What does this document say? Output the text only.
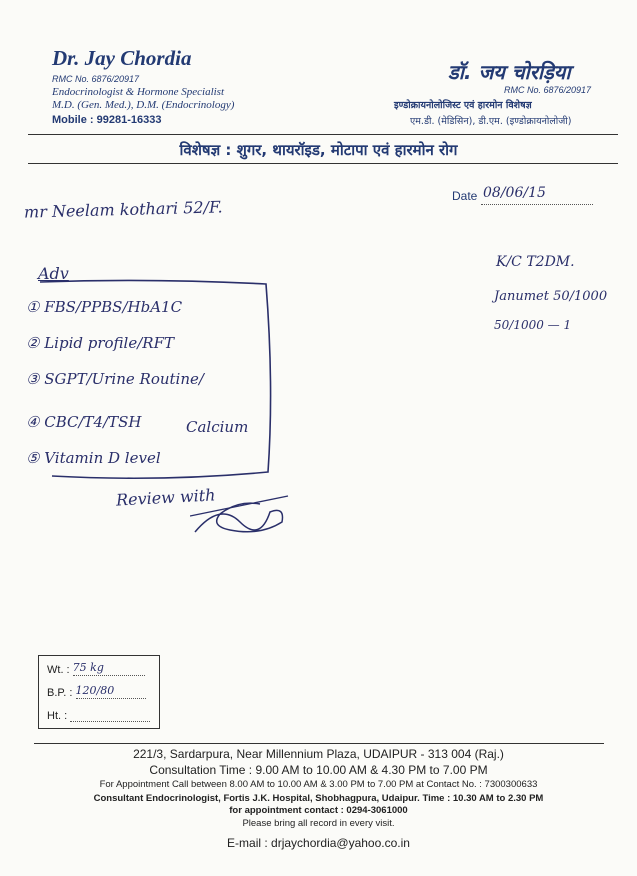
Dr. Jay Chordia
RMC No. 6876/20917
Endocrinologist & Hormone Specialist
M.D. (Gen. Med.), D.M. (Endocrinology)
Mobile : 99281-16333
डॉ. जय चोरड़िया
RMC No. 6876/20917
इण्डोक्रायनोलोजिस्ट एवं हारमोन विशेषज्ञ
एम.डी. (मेडिसिन), डी.एम. (इण्डोक्रायनोलोजी)
विशेषज्ञ : शुगर, थायरॉइड, मोटापा एवं हारमोन रोग
Date 08/06/15
mr Neelam kothari 52/F.
K/C T2DM.
Janumet 50/1000
50/1000 — 1
Adv
① FBS/PPBS/HbA1C
② Lipid profile/RFT
③ SGPT/Urine Routine/
④ CBC/T4/TSH
⑤ Vitamin D level
Calcium
Review with
Wt. : 75 kg
B.P. : 120/80
Ht. :
221/3, Sardarpura, Near Millennium Plaza, UDAIPUR - 313 004 (Raj.)
Consultation Time : 9.00 AM to 10.00 AM & 4.30 PM to 7.00 PM
For Appointment Call between 8.00 AM to 10.00 AM & 3.00 PM to 7.00 PM at Contact No. : 7300300633
Consultant Endocrinologist, Fortis J.K. Hospital, Shobhagpura, Udaipur. Time : 10.30 AM to 2.30 PM
for appointment contact : 0294-3061000
Please bring all record in every visit.
E-mail : drjaychordia@yahoo.co.in
